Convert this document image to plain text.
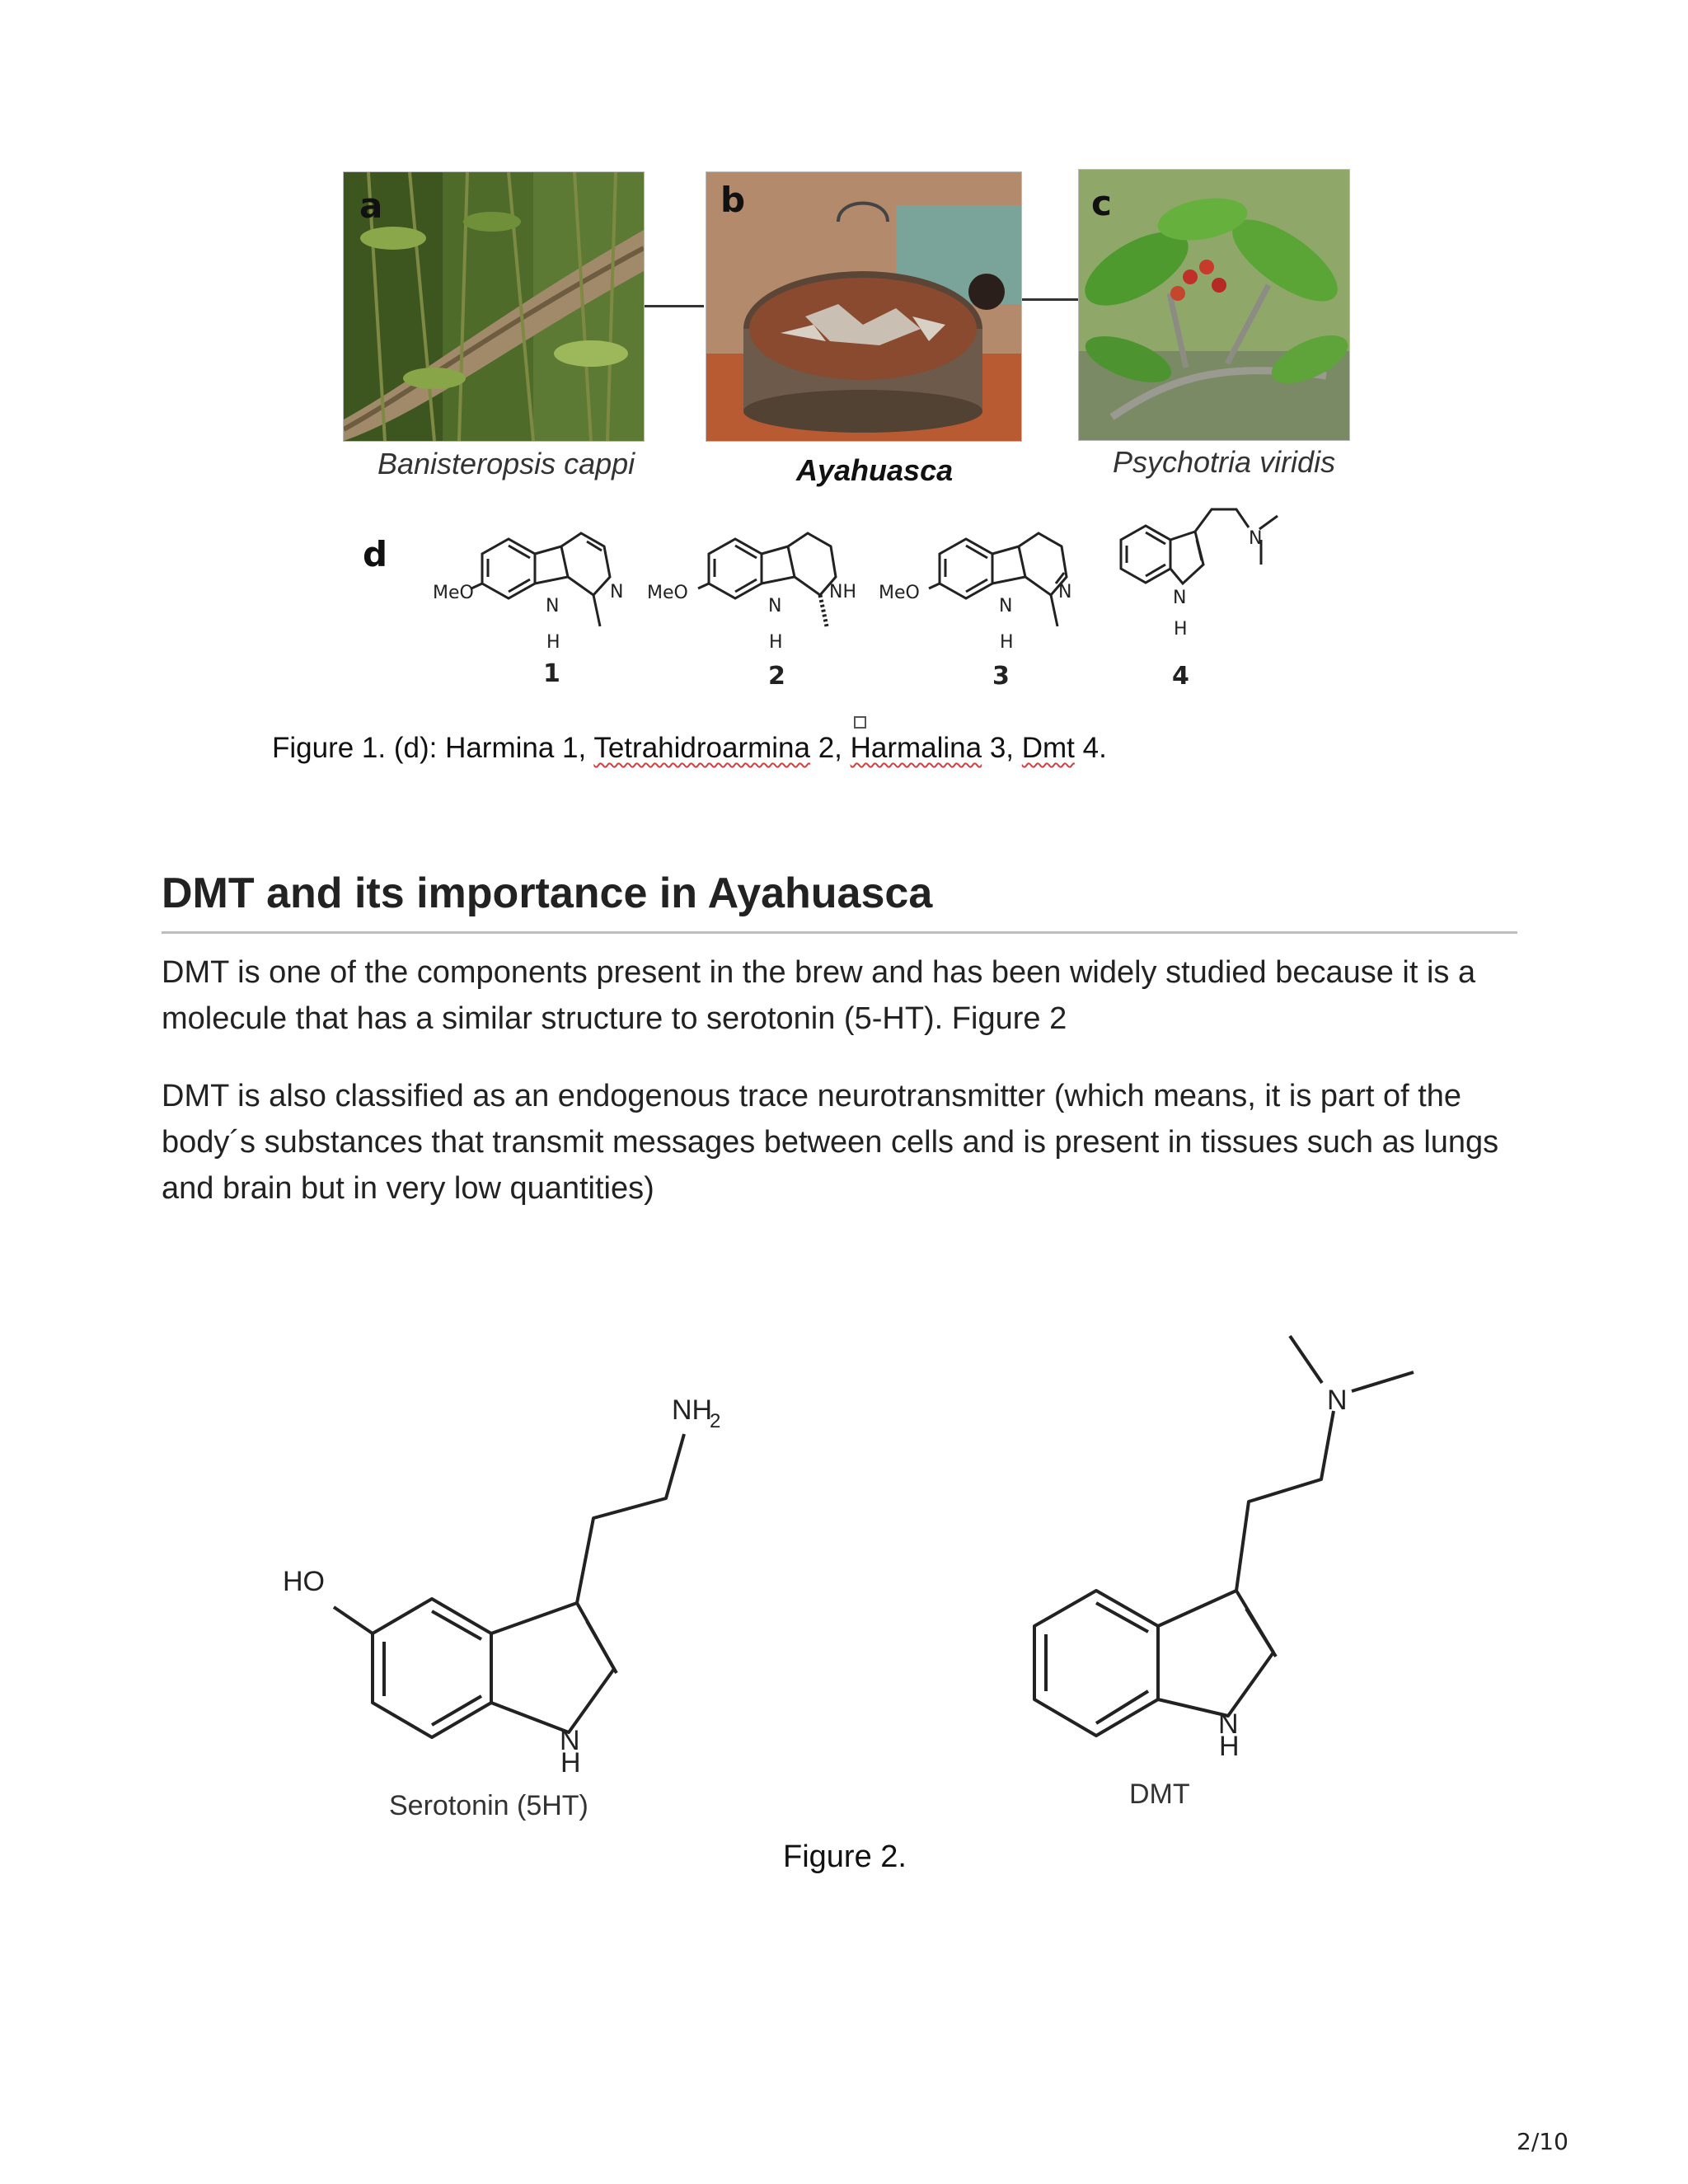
a
Banisteropsis cappi
b
Ayahuasca
c
Psychotria viridis
d
MeO	N
N
H
MeO	NH
N
H
MeO	N
N
H
N
N
H
1	2	3	4
Figure 1. (d): Harmina 1, Tetrahidroarmina 2, Harmalina 3, Dmt 4.
DMT and its importance in Ayahuasca
DMT is one of the components present in the brew and has been widely studied because it is a molecule that has a similar structure to serotonin (5-HT). Figure 2
DMT is also classified as an endogenous trace neurotransmitter (which means, it is part of the body´s substances that transmit messages between cells and is present in tissues such as lungs and brain but in very low quantities)
HO
NH
2
N
H
N
N
H
Serotonin (5HT)	DMT
Figure 2.
2/10
